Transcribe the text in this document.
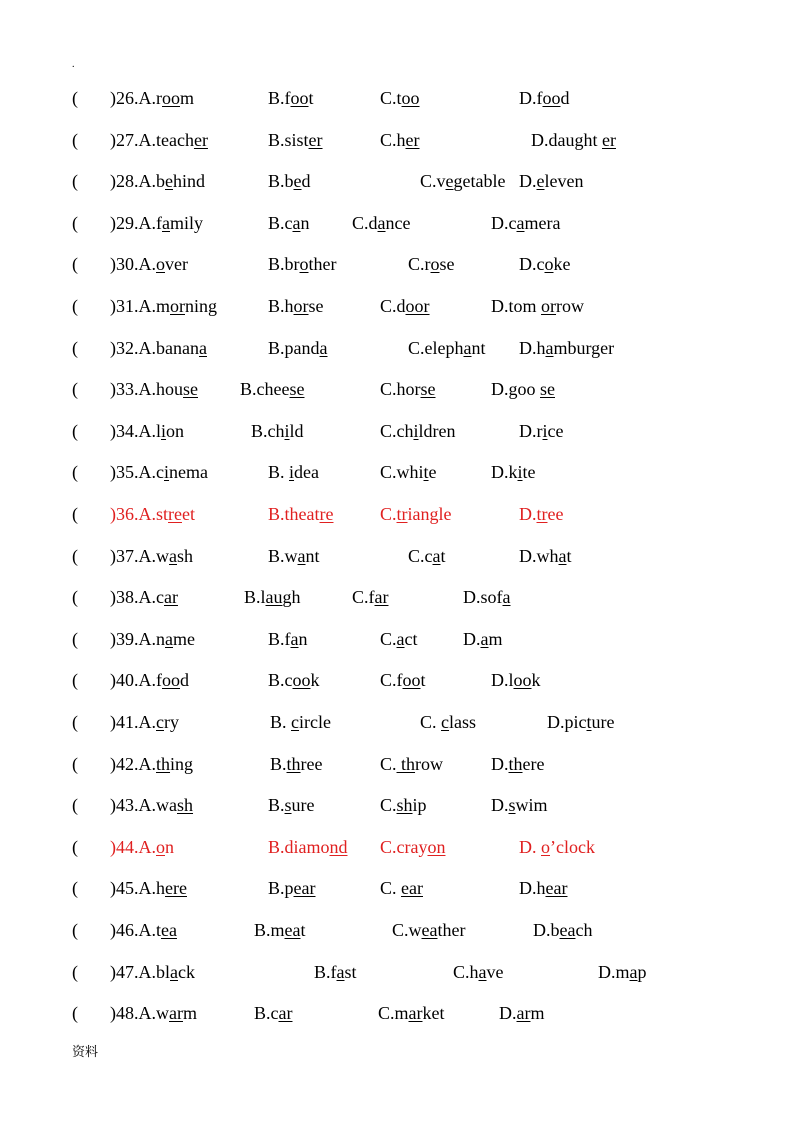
.
( )26.A.room	B.foot	C.too	D.food
( )27.A.teacher	B.sister	C.her	D.daught er
( )28.A.behind	B.bed	C.vegetable D.eleven
( )29.A.family	B.can C.dance	D.camera
( )30.A.over	B.brother	C.rose	D.coke
( )31.A.morning	B.horse	C.door	D.tom orrow
( )32.A.banana	B.panda	C.elephant D.hamburger
( )33.A.house B.cheese	C.horse	D.goo se
( )34.A.lion	B.child	C.children	D.rice
( )35.A.cinema	B. idea	C.white	D.kite
( )36.A.street	B.theatre	C.triangle	D.tree
( )37.A.wash	B.want	C.cat	D.what
( )38.A.car	B.laugh	C.far	D.sofa
( )39.A.name	B.fan	C.act	D.am
( )40.A.food	B.cook	C.foot	D.look
( )41.A.cry	B. circle	C. class	D.picture
( )42.A.thing	B.three	C. throw	D.there
( )43.A.wash	B.sure	C.ship	D.swim
( )44.A.on	B.diamond C.crayon	D. o’clock
( )45.A.here	B.pear	C. ear	D.hear
( )46.A.tea	B.meat	C.weather	D.beach
( )47.A.black	B.fast	C.have	D.map
( )48.A.warm	B.car	C.market	D.arm
资料
